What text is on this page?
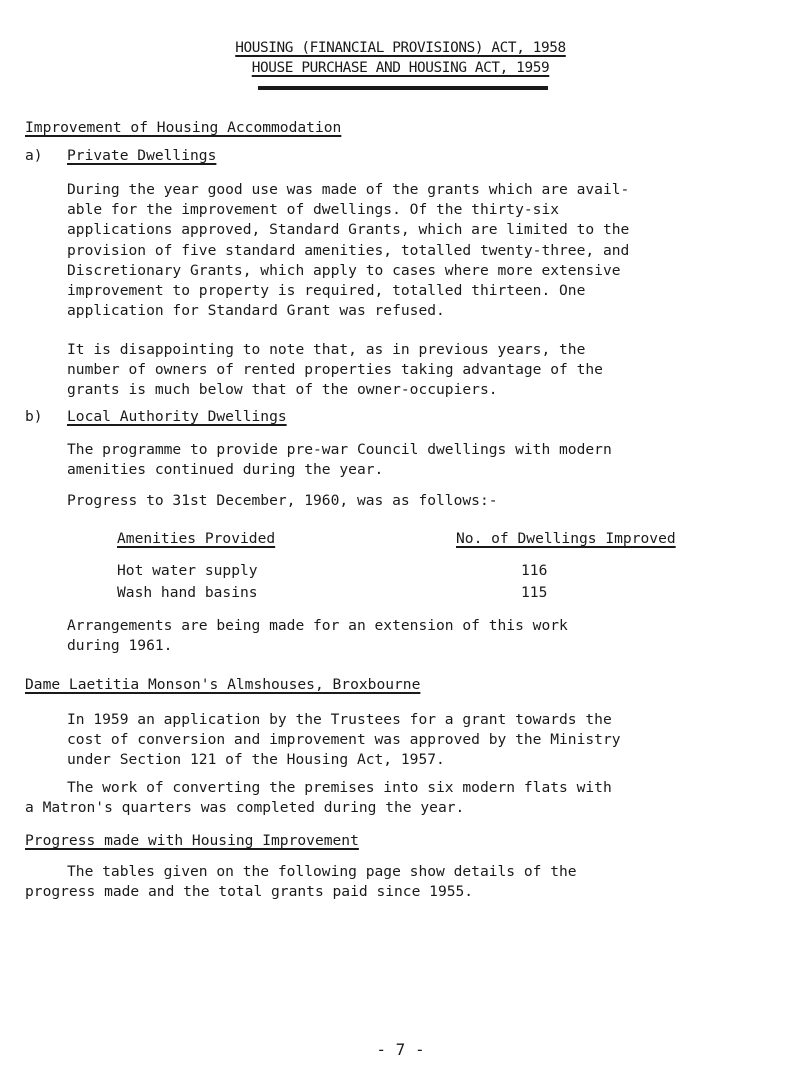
HOUSING (FINANCIAL PROVISIONS) ACT, 1958
HOUSE PURCHASE AND HOUSING ACT, 1959
Improvement of Housing Accommodation
a) Private Dwellings
During the year good use was made of the grants which are avail-
able for the improvement of dwellings. Of the thirty-six
applications approved, Standard Grants, which are limited to the
provision of five standard amenities, totalled twenty-three, and
Discretionary Grants, which apply to cases where more extensive
improvement to property is required, totalled thirteen. One
application for Standard Grant was refused.
It is disappointing to note that, as in previous years, the
number of owners of rented properties taking advantage of the
grants is much below that of the owner-occupiers.
b) Local Authority Dwellings
The programme to provide pre-war Council dwellings with modern
amenities continued during the year.
Progress to 31st December, 1960, was as follows:-
Amenities Provided	No. of Dwellings Improved
Hot water supply	116
Wash hand basins	115
Arrangements are being made for an extension of this work
during 1961.
Dame Laetitia Monson's Almshouses, Broxbourne
In 1959 an application by the Trustees for a grant towards the
cost of conversion and improvement was approved by the Ministry
under Section 121 of the Housing Act, 1957.
The work of converting the premises into six modern flats with
a Matron's quarters was completed during the year.
Progress made with Housing Improvement
The tables given on the following page show details of the
progress made and the total grants paid since 1955.
- 7 -
